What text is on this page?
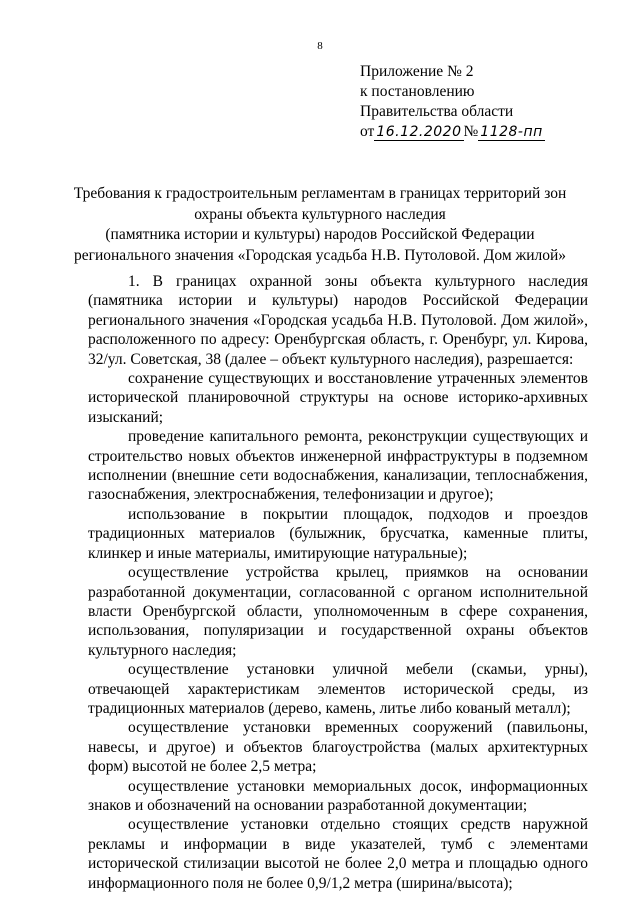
8
Приложение № 2
к постановлению
Правительства области
от 16.12.2020 № 1128-пп
Требования к градостроительным регламентам в границах территорий зон
охраны объекта культурного наследия
(памятника истории и культуры) народов Российской Федерации
регионального значения «Городская усадьба Н.В. Путоловой. Дом жилой»

1. В границах охранной зоны объекта культурного наследия (памятника истории и культуры) народов Российской Федерации регионального значения «Городская усадьба Н.В. Путоловой. Дом жилой», расположенного по адресу: Оренбургская область, г. Оренбург, ул. Кирова, 32/ул. Советская, 38 (далее – объект культурного наследия), разрешается:

сохранение существующих и восстановление утраченных элементов исторической планировочной структуры на основе историко-архивных изысканий;

проведение капитального ремонта, реконструкции существующих и строительство новых объектов инженерной инфраструктуры в подземном исполнении (внешние сети водоснабжения, канализации, теплоснабжения, газоснабжения, электроснабжения, телефонизации и другое);

использование в покрытии площадок, подходов и проездов традиционных материалов (булыжник, брусчатка, каменные плиты, клинкер и иные материалы, имитирующие натуральные);

осуществление устройства крылец, приямков на основании разработанной документации, согласованной с органом исполнительной власти Оренбургской области, уполномоченным в сфере сохранения, использования, популяризации и государственной охраны объектов культурного наследия;

осуществление установки уличной мебели (скамьи, урны), отвечающей характеристикам элементов исторической среды, из традиционных материалов (дерево, камень, литье либо кованый металл);

осуществление установки временных сооружений (павильоны, навесы, и другое) и объектов благоустройства (малых архитектурных форм) высотой не более 2,5 метра;

осуществление установки мемориальных досок, информационных знаков и обозначений на основании разработанной документации;

осуществление установки отдельно стоящих средств наружной рекламы и информации в виде указателей, тумб с элементами исторической стилизации высотой не более 2,0 метра и площадью одного информационного поля не более 0,9/1,2 метра (ширина/высота);
